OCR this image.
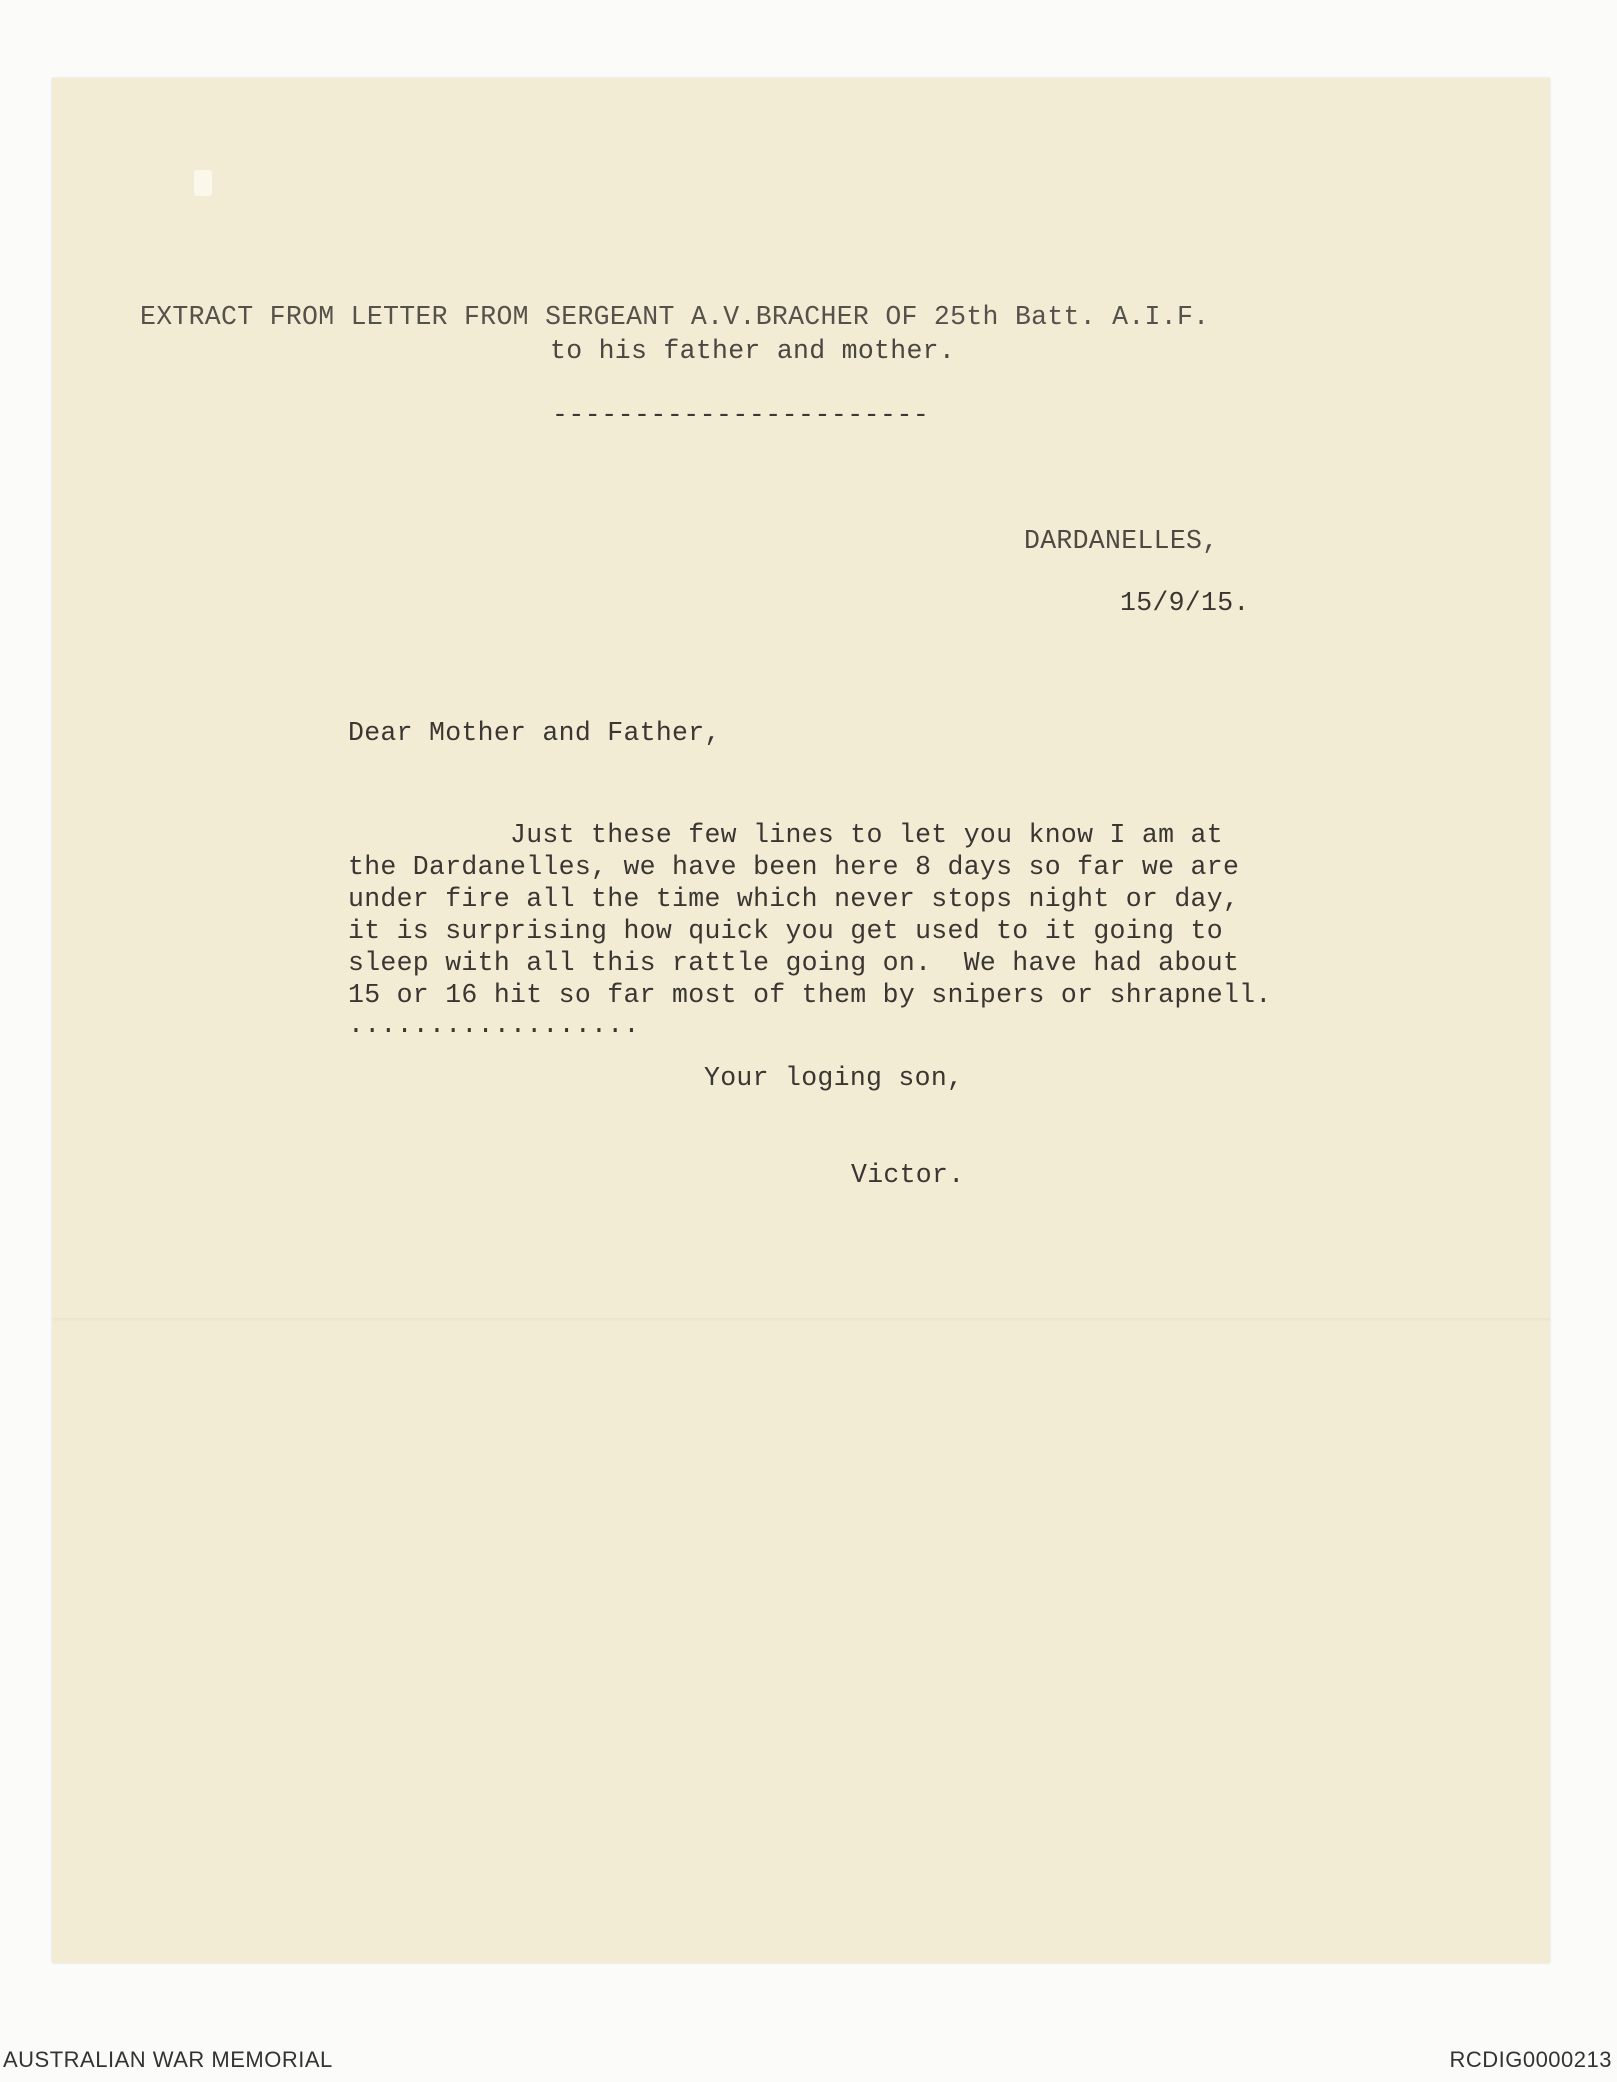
EXTRACT FROM LETTER FROM SERGEANT A.V.BRACHER OF 25th Batt. A.I.F.

to his father and mother.

-----------------------

DARDANELLES,

15/9/15.

Dear Mother and Father,

Just these few lines to let you know I am at

the Dardanelles, we have been here 8 days so far we are

under fire all the time which never stops night or day,

it is surprising how quick you get used to it going to

sleep with all this rattle going on.  We have had about

15 or 16 hit so far most of them by snipers or shrapnell.

..................

Your loging son,

Victor.

AUSTRALIAN WAR MEMORIAL	RCDIG0000213
